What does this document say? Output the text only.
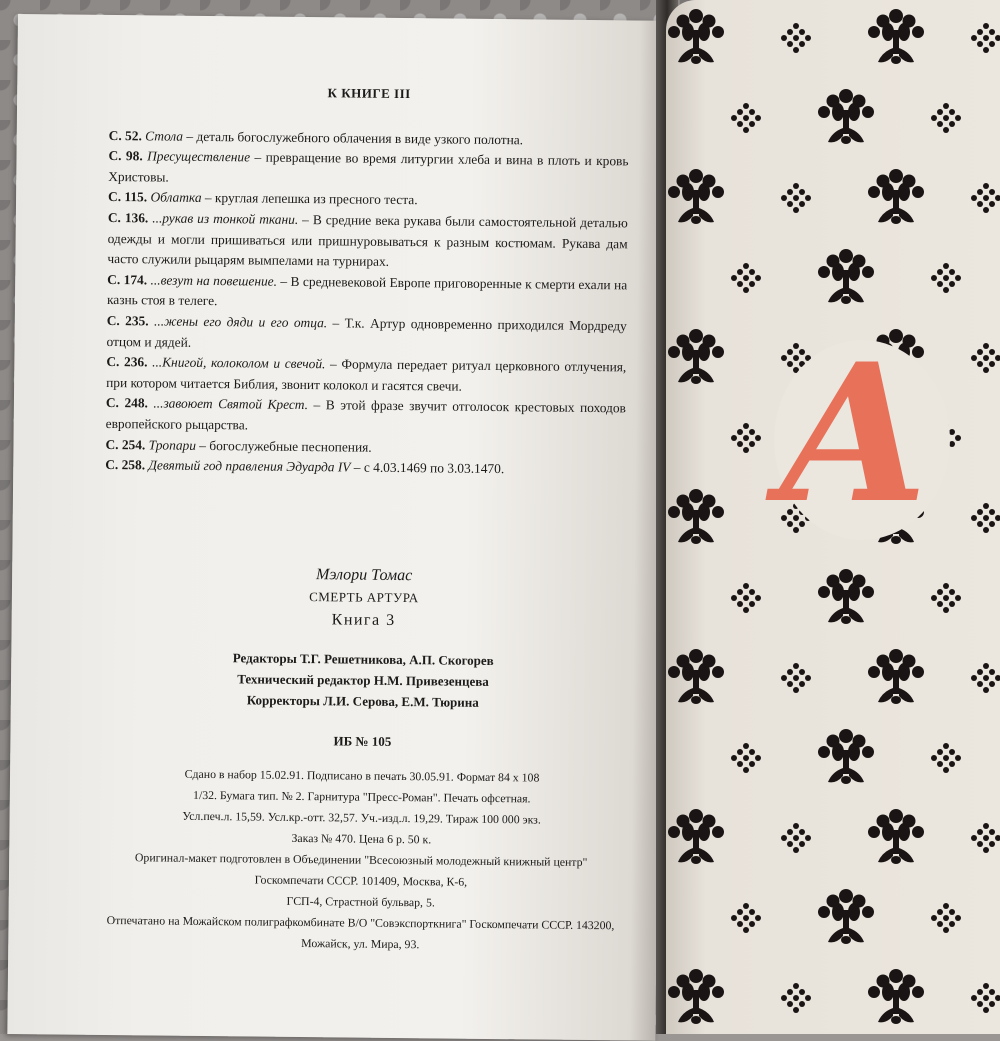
К КНИГЕ III

С. 52. Стола – деталь богослужебного облачения в виде узкого полотна.

С. 98. Пресуществление – превращение во время литургии хлеба и вина в плоть и кровь Христовы.

С. 115. Облатка – круглая лепешка из пресного теста.

С. 136. ...рукав из тонкой ткани. – В средние века рукава были самостоятельной деталью одежды и могли пришиваться или пришнуровываться к разным костюмам. Рукава дам часто служили рыцарям вымпелами на турнирах.

С. 174. ...везут на повешение. – В средневековой Европе приговоренные к смерти ехали на казнь стоя в телеге.

С. 235. ...жены его дяди и его отца. – Т.к. Артур одновременно приходился Мордреду отцом и дядей.

С. 236. ...Книгой, колоколом и свечой. – Формула передает ритуал церковного отлучения, при котором читается Библия, звонит колокол и гасятся свечи.

С. 248. ...завоюет Святой Крест. – В этой фразе звучит отголосок крестовых походов европейского рыцарства.

С. 254. Тропари – богослужебные песнопения.

С. 258. Девятый год правления Эдуарда IV – с 4.03.1469 по 3.03.1470.

Мэлори Томас
СМЕРТЬ АРТУРА
Книга 3
Редакторы Т.Г. Решетникова, А.П. Скогорев
Технический редактор Н.М. Привезенцева
Корректоры Л.И. Серова, Е.М. Тюрина
ИБ № 105

Сдано в набор 15.02.91. Подписано в печать 30.05.91. Формат 84 x 108

1/32. Бумага тип. № 2. Гарнитура "Пресс-Роман". Печать офсетная.

Усл.печ.л. 15,59. Усл.кр.-отт. 32,57. Уч.-изд.л. 19,29. Тираж 100 000 экз.

Заказ № 470. Цена 6 р. 50 к.

Оригинал-макет подготовлен в Объединении "Всесоюзный молодежный книжный центр" Госкомпечати СССР. 101409, Москва, К-6,

ГСП-4, Страстной бульвар, 5.

Отпечатано на Можайском полиграфкомбинате В/О "Совэкспорткнига" Госкомпечати СССР. 143200, Можайск, ул. Мира, 93.

A
